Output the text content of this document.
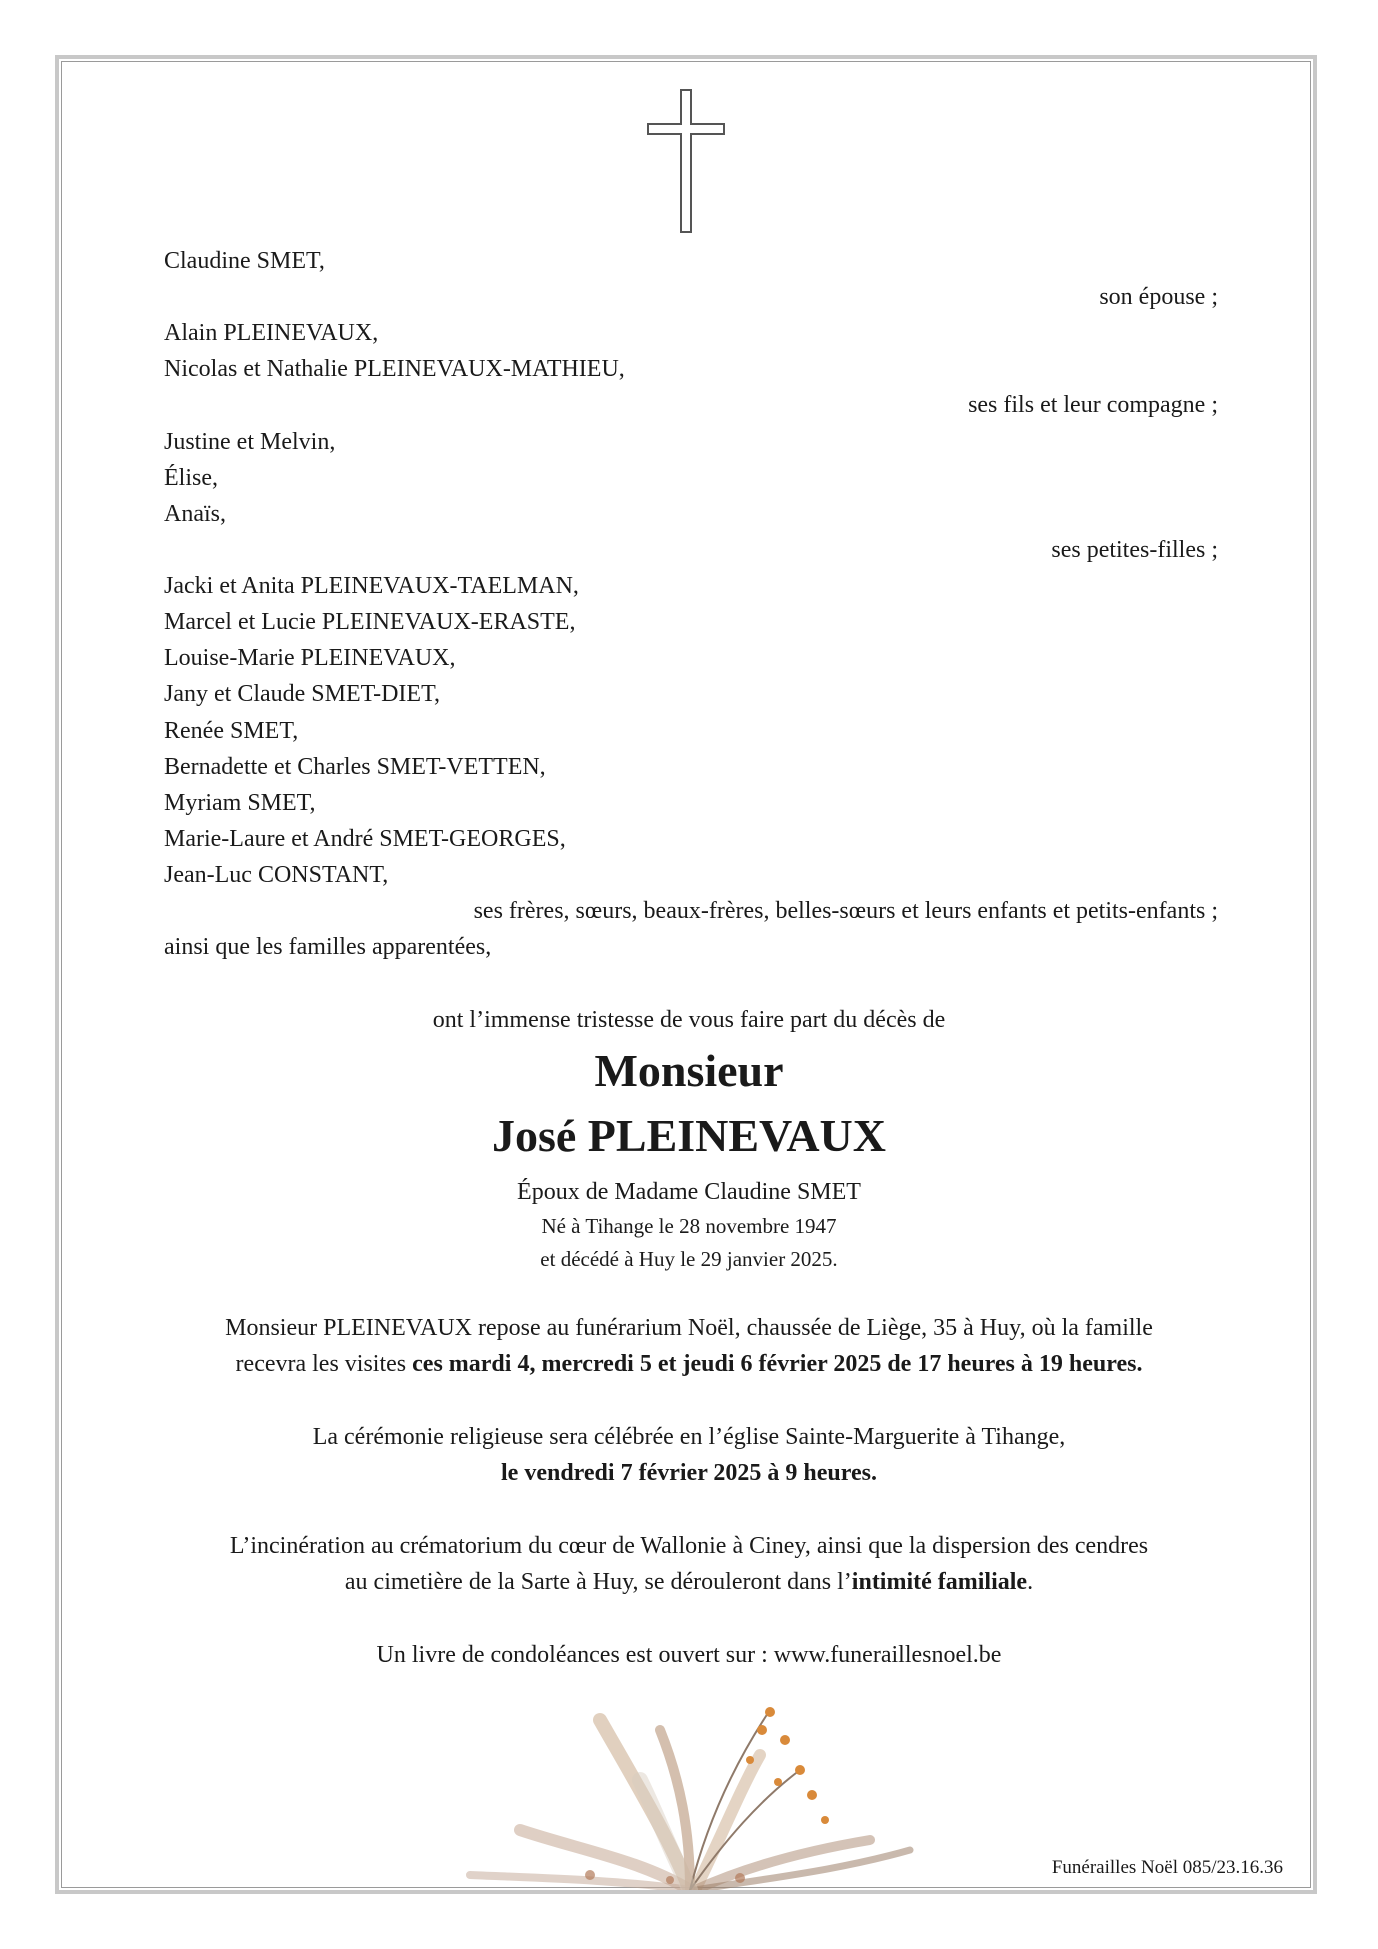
Claudine SMET,
son épouse ;
Alain PLEINEVAUX,
Nicolas et Nathalie PLEINEVAUX-MATHIEU,
ses fils et leur compagne ;
Justine et Melvin,
Élise,
Anaïs,
ses petites-filles ;
Jacki et Anita PLEINEVAUX-TAELMAN,
Marcel et Lucie PLEINEVAUX-ERASTE,
Louise-Marie PLEINEVAUX,
Jany et Claude SMET-DIET,
Renée SMET,
Bernadette et Charles SMET-VETTEN,
Myriam SMET,
Marie-Laure et André SMET-GEORGES,
Jean-Luc CONSTANT,
ses frères, sœurs, beaux-frères, belles-sœurs et leurs enfants et petits-enfants ;
ainsi que les familles apparentées,
ont l’immense tristesse de vous faire part du décès de
Monsieur
José PLEINEVAUX
Époux de Madame Claudine SMET
Né à Tihange le 28 novembre 1947
et décédé à Huy le 29 janvier 2025.
Monsieur PLEINEVAUX repose au funérarium Noël, chaussée de Liège, 35 à Huy, où la famille
recevra les visites ces mardi 4, mercredi 5 et jeudi 6 février 2025 de 17 heures à 19 heures.
La cérémonie religieuse sera célébrée en l’église Sainte-Marguerite à Tihange,
le vendredi 7 février 2025 à 9 heures.
L’incinération au crématorium du cœur de Wallonie à Ciney, ainsi que la dispersion des cendres
au cimetière de la Sarte à Huy, se dérouleront dans l’intimité familiale.
Un livre de condoléances est ouvert sur : www.funeraillesnoel.be
Funérailles Noël 085/23.16.36
